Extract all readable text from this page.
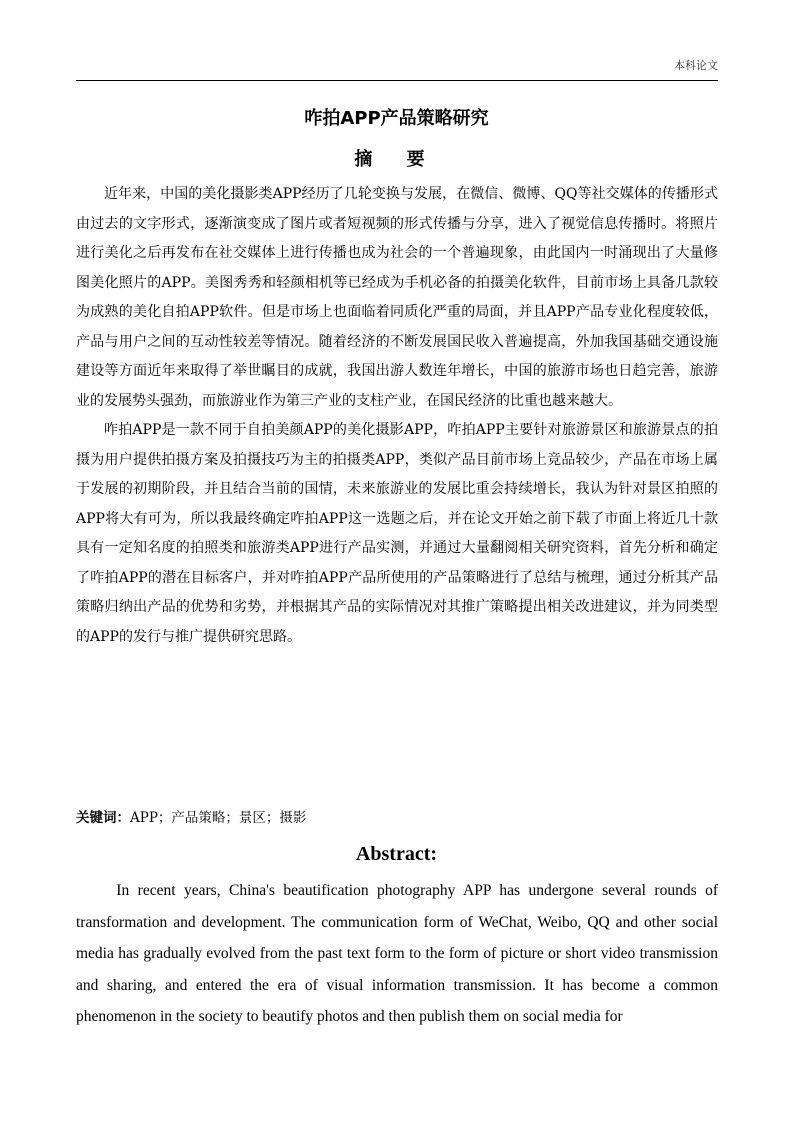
本科论文
咋拍APP产品策略研究
摘 要

近年来，中国的美化摄影类APP经历了几轮变换与发展，在微信、微博、QQ等社交媒体的传播形式由过去的文字形式，逐渐演变成了图片或者短视频的形式传播与分享，进入了视觉信息传播时。将照片进行美化之后再发布在社交媒体上进行传播也成为社会的一个普遍现象，由此国内一时涌现出了大量修图美化照片的APP。美图秀秀和轻颜相机等已经成为手机必备的拍摄美化软件，目前市场上具备几款较为成熟的美化自拍APP软件。但是市场上也面临着同质化严重的局面，并且APP产品专业化程度较低，产品与用户之间的互动性较差等情况。随着经济的不断发展国民收入普遍提高，外加我国基础交通设施建设等方面近年来取得了举世瞩目的成就，我国出游人数连年增长，中国的旅游市场也日趋完善，旅游业的发展势头强劲，而旅游业作为第三产业的支柱产业，在国民经济的比重也越来越大。

咋拍APP是一款不同于自拍美颜APP的美化摄影APP，咋拍APP主要针对旅游景区和旅游景点的拍摄为用户提供拍摄方案及拍摄技巧为主的拍摄类APP，类似产品目前市场上竞品较少，产品在市场上属于发展的初期阶段，并且结合当前的国情，未来旅游业的发展比重会持续增长，我认为针对景区拍照的APP将大有可为，所以我最终确定咋拍APP这一选题之后，并在论文开始之前下载了市面上将近几十款具有一定知名度的拍照类和旅游类APP进行产品实测，并通过大量翻阅相关研究资料，首先分析和确定了咋拍APP的潜在目标客户，并对咋拍APP产品所使用的产品策略进行了总结与梳理，通过分析其产品策略归纳出产品的优势和劣势，并根据其产品的实际情况对其推广策略提出相关改进建议，并为同类型的APP的发行与推广提供研究思路。

关键词：APP；产品策略；景区；摄影
Abstract:

In recent years, China's beautification photography APP has undergone several rounds of transformation and development. The communication form of WeChat, Weibo, QQ and other social media has gradually evolved from the past text form to the form of picture or short video transmission and sharing, and entered the era of visual information transmission. It has become a common phenomenon in the society to beautify photos and then publish them on social media for
